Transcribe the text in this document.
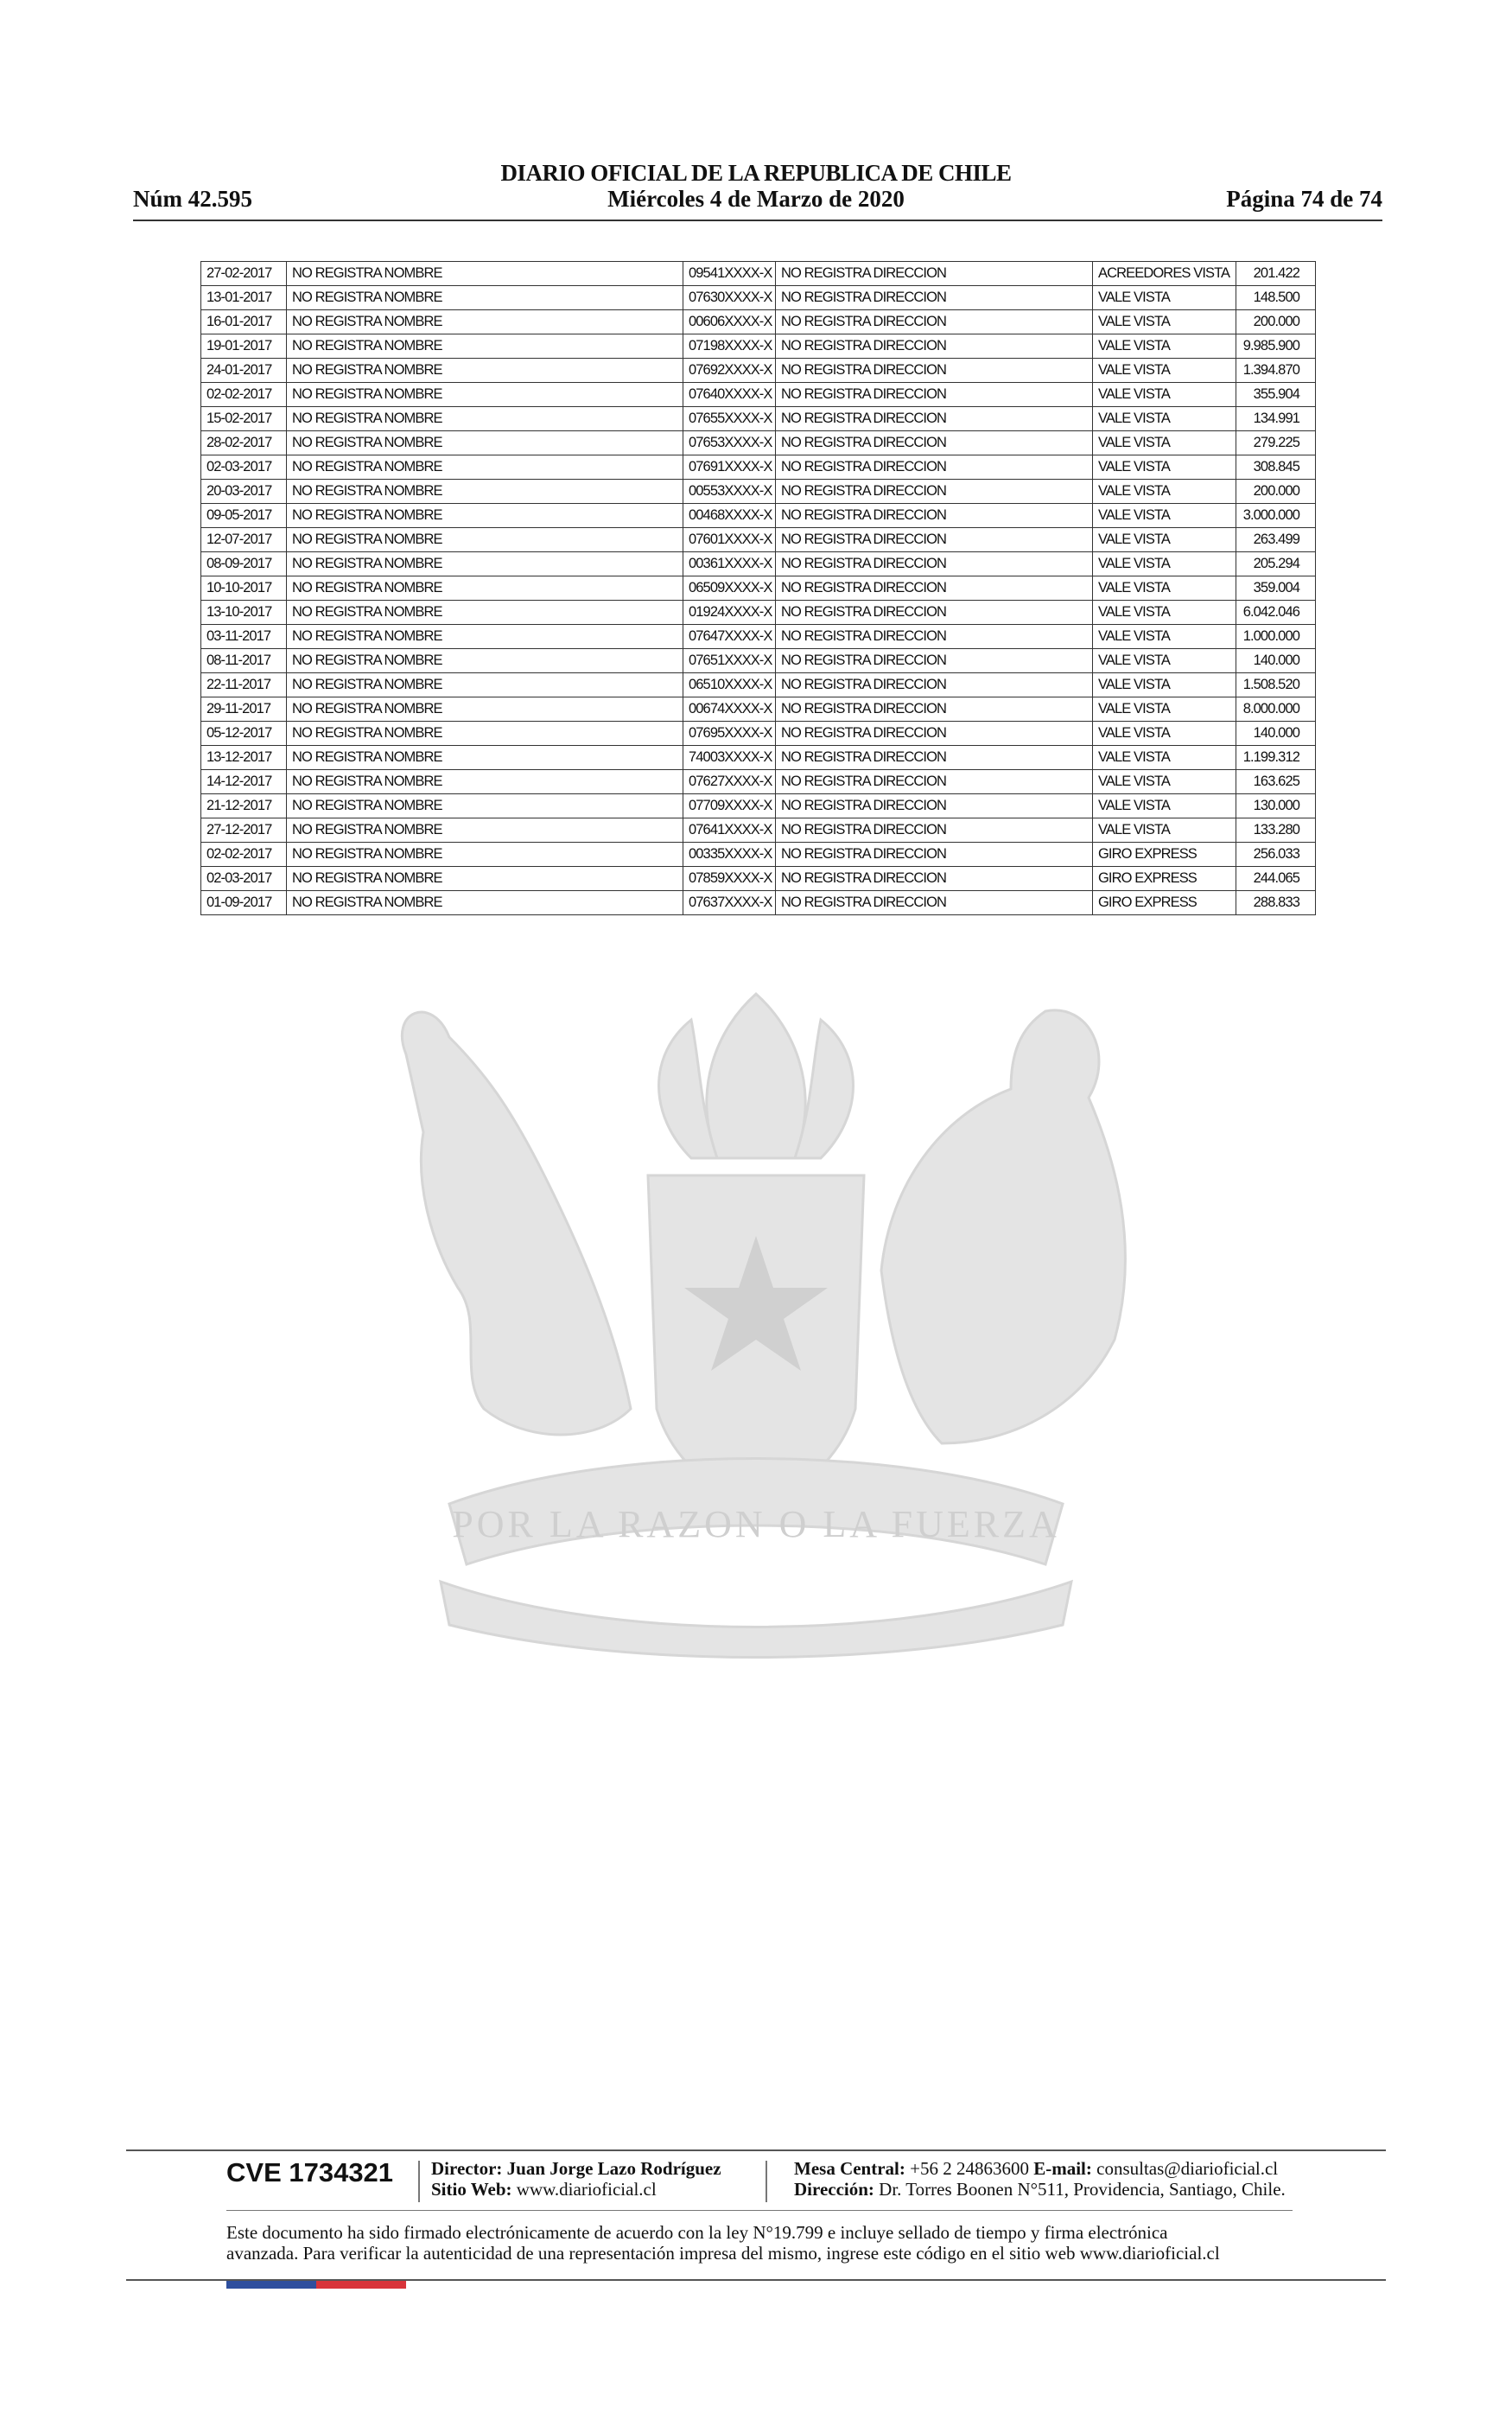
DIARIO OFICIAL DE LA REPUBLICA DE CHILE
Núm 42.595	Miércoles 4 de Marzo de 2020	Página 74 de 74
POR LA RAZON O LA FUERZA
27-02-2017	NO REGISTRA NOMBRE	09541XXXX-X	NO REGISTRA DIRECCION	ACREEDORES VISTA	201.422
13-01-2017	NO REGISTRA NOMBRE	07630XXXX-X	NO REGISTRA DIRECCION	VALE VISTA	148.500
16-01-2017	NO REGISTRA NOMBRE	00606XXXX-X	NO REGISTRA DIRECCION	VALE VISTA	200.000
19-01-2017	NO REGISTRA NOMBRE	07198XXXX-X	NO REGISTRA DIRECCION	VALE VISTA	9.985.900
24-01-2017	NO REGISTRA NOMBRE	07692XXXX-X	NO REGISTRA DIRECCION	VALE VISTA	1.394.870
02-02-2017	NO REGISTRA NOMBRE	07640XXXX-X	NO REGISTRA DIRECCION	VALE VISTA	355.904
15-02-2017	NO REGISTRA NOMBRE	07655XXXX-X	NO REGISTRA DIRECCION	VALE VISTA	134.991
28-02-2017	NO REGISTRA NOMBRE	07653XXXX-X	NO REGISTRA DIRECCION	VALE VISTA	279.225
02-03-2017	NO REGISTRA NOMBRE	07691XXXX-X	NO REGISTRA DIRECCION	VALE VISTA	308.845
20-03-2017	NO REGISTRA NOMBRE	00553XXXX-X	NO REGISTRA DIRECCION	VALE VISTA	200.000
09-05-2017	NO REGISTRA NOMBRE	00468XXXX-X	NO REGISTRA DIRECCION	VALE VISTA	3.000.000
12-07-2017	NO REGISTRA NOMBRE	07601XXXX-X	NO REGISTRA DIRECCION	VALE VISTA	263.499
08-09-2017	NO REGISTRA NOMBRE	00361XXXX-X	NO REGISTRA DIRECCION	VALE VISTA	205.294
10-10-2017	NO REGISTRA NOMBRE	06509XXXX-X	NO REGISTRA DIRECCION	VALE VISTA	359.004
13-10-2017	NO REGISTRA NOMBRE	01924XXXX-X	NO REGISTRA DIRECCION	VALE VISTA	6.042.046
03-11-2017	NO REGISTRA NOMBRE	07647XXXX-X	NO REGISTRA DIRECCION	VALE VISTA	1.000.000
08-11-2017	NO REGISTRA NOMBRE	07651XXXX-X	NO REGISTRA DIRECCION	VALE VISTA	140.000
22-11-2017	NO REGISTRA NOMBRE	06510XXXX-X	NO REGISTRA DIRECCION	VALE VISTA	1.508.520
29-11-2017	NO REGISTRA NOMBRE	00674XXXX-X	NO REGISTRA DIRECCION	VALE VISTA	8.000.000
05-12-2017	NO REGISTRA NOMBRE	07695XXXX-X	NO REGISTRA DIRECCION	VALE VISTA	140.000
13-12-2017	NO REGISTRA NOMBRE	74003XXXX-X	NO REGISTRA DIRECCION	VALE VISTA	1.199.312
14-12-2017	NO REGISTRA NOMBRE	07627XXXX-X	NO REGISTRA DIRECCION	VALE VISTA	163.625
21-12-2017	NO REGISTRA NOMBRE	07709XXXX-X	NO REGISTRA DIRECCION	VALE VISTA	130.000
27-12-2017	NO REGISTRA NOMBRE	07641XXXX-X	NO REGISTRA DIRECCION	VALE VISTA	133.280
02-02-2017	NO REGISTRA NOMBRE	00335XXXX-X	NO REGISTRA DIRECCION	GIRO EXPRESS	256.033
02-03-2017	NO REGISTRA NOMBRE	07859XXXX-X	NO REGISTRA DIRECCION	GIRO EXPRESS	244.065
01-09-2017	NO REGISTRA NOMBRE	07637XXXX-X	NO REGISTRA DIRECCION	GIRO EXPRESS	288.833
CVE 1734321 Director: Juan Jorge Lazo Rodríguez
Sitio Web: www.diarioficial.cl
Mesa Central: +56 2 24863600 E-mail: consultas@diarioficial.cl
Dirección: Dr. Torres Boonen N°511, Providencia, Santiago, Chile.
Este documento ha sido firmado electrónicamente de acuerdo con la ley N°19.799 e incluye sellado de tiempo y firma electrónica
avanzada. Para verificar la autenticidad de una representación impresa del mismo, ingrese este código en el sitio web www.diarioficial.cl
